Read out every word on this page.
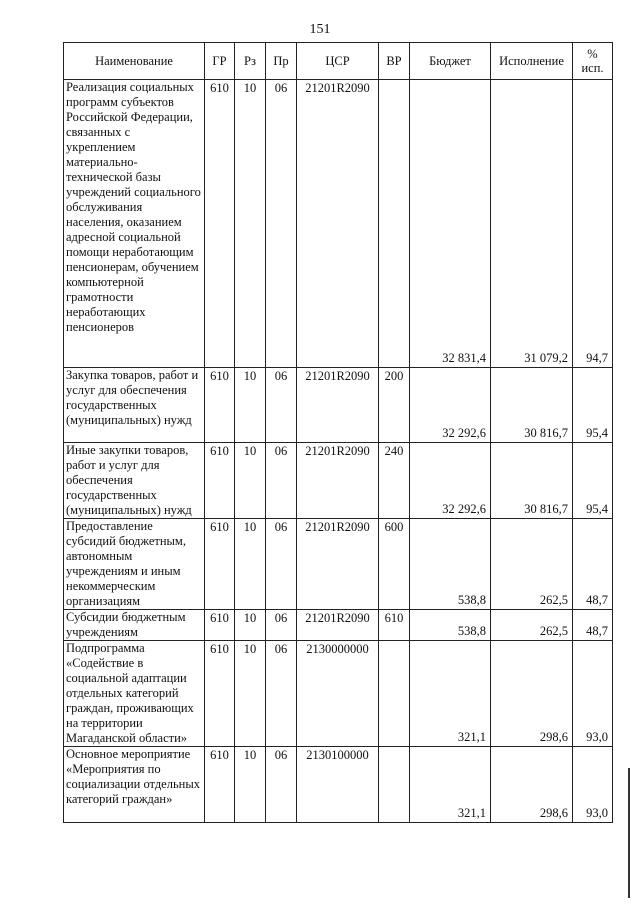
151
Наименование	ГР	Рз	Пр	ЦСР	ВР	Бюджет	Исполнение	% исп.
Реализация социальных программ субъектов Российской Федерации, связанных с укреплением материально-технической базы учреждений социального обслуживания населения, оказанием адресной социальной помощи неработающим пенсионерам, обучением компьютерной грамотности неработающих пенсионеров	610	10	06	21201R2090		32 831,4	31 079,2	94,7
Закупка товаров, работ и услуг для обеспечения государственных (муниципальных) нужд	610	10	06	21201R2090	200	32 292,6	30 816,7	95,4
Иные закупки товаров, работ и услуг для обеспечения государственных (муниципальных) нужд	610	10	06	21201R2090	240	32 292,6	30 816,7	95,4
Предоставление субсидий бюджетным, автономным учреждениям и иным некоммерческим организациям	610	10	06	21201R2090	600	538,8	262,5	48,7
Субсидии бюджетным учреждениям	610	10	06	21201R2090	610	538,8	262,5	48,7
Подпрограмма «Содействие в социальной адаптации отдельных категорий граждан, проживающих на территории Магаданской области»	610	10	06	2130000000		321,1	298,6	93,0
Основное мероприятие «Мероприятия по социализации отдельных категорий граждан»	610	10	06	2130100000		321,1	298,6	93,0
